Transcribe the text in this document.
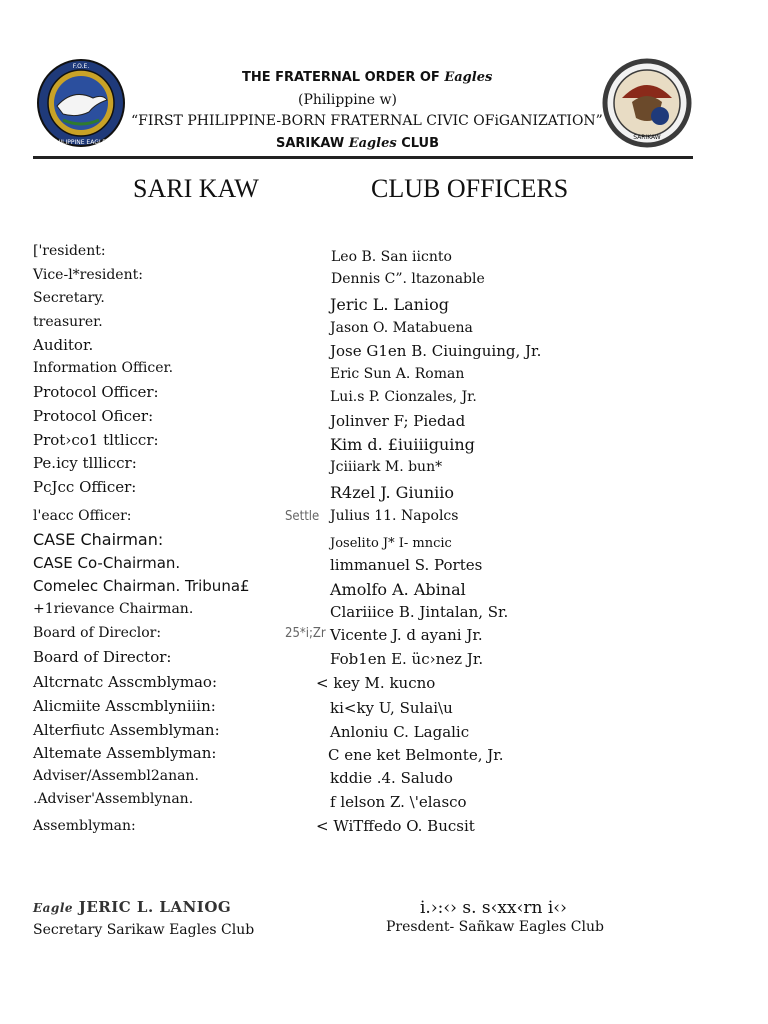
F.O.E.
PHILIPPINE EAGLES
SARIKAW
THE FRATERNAL ORDER OF Eagles
(Philippine w)
“FIRST PHILIPPINE-BORN FRATERNAL CIVIC OFiGANIZATION”
SARIKAW Eagles CLUB
SARI KAW	CLUB OFFICERS
['resident:
Vice-l*resident:
Secretary.
treasurer.
Auditor.
Information Officer.
Protocol Officer:
Protocol Oficer:
Prot›co1 tltliccr:
Pe.icy tllliccr:
PcJcc Officer:
l'eacc Officer:
CASE Chairman:
CASE Co-Chairman.
Comelec Chairman. Tribuna£
+1rievance Chairman.
Board of Direclor:
Board of Director:
Altcrnatc Asscmblymao:
Alicmiite Asscmblyniiin:
Alterfiutc Assemblyman:
Altemate Assemblyman:
Adviser/Assembl2anan.
.Adviser'Assemblynan.
Assemblyman:
Settle
25*i;Zr
Leo B. San iicnto
Dennis C”. ltazonable
Jeric L. Laniog
Jason O. Matabuena
Jose G1en B. Ciuinguing, Jr.
Eric Sun A. Roman
Lui.s P. Cionzales, Jr.
Jolinver F; Piedad
Kim d. £iuiiiguing
Jciiiark M. bun*
R4zel J. Giuniio
Julius 11. Napolcs
Joselito J* I- mncic
limmanuel S. Portes
Amolfo A. Abinal
Clariiice B. Jintalan, Sr.
Vicente J. d ayani Jr.
Fob1en E. üc›nez Jr.
< key M. kucno
ki<ky U, Sulai\u
Anloniu C. Lagalic
C ene ket Belmonte, Jr.
kddie .4. Saludo
f lelson Z. \'elasco
< WiTffedo O. Bucsit
Eagle JERIC L. LANIOG
Secretary Sarikaw Eagles Club
i.›:‹› s. s‹xx‹rn i‹›
Presdent- Sañkaw Eagles Club
